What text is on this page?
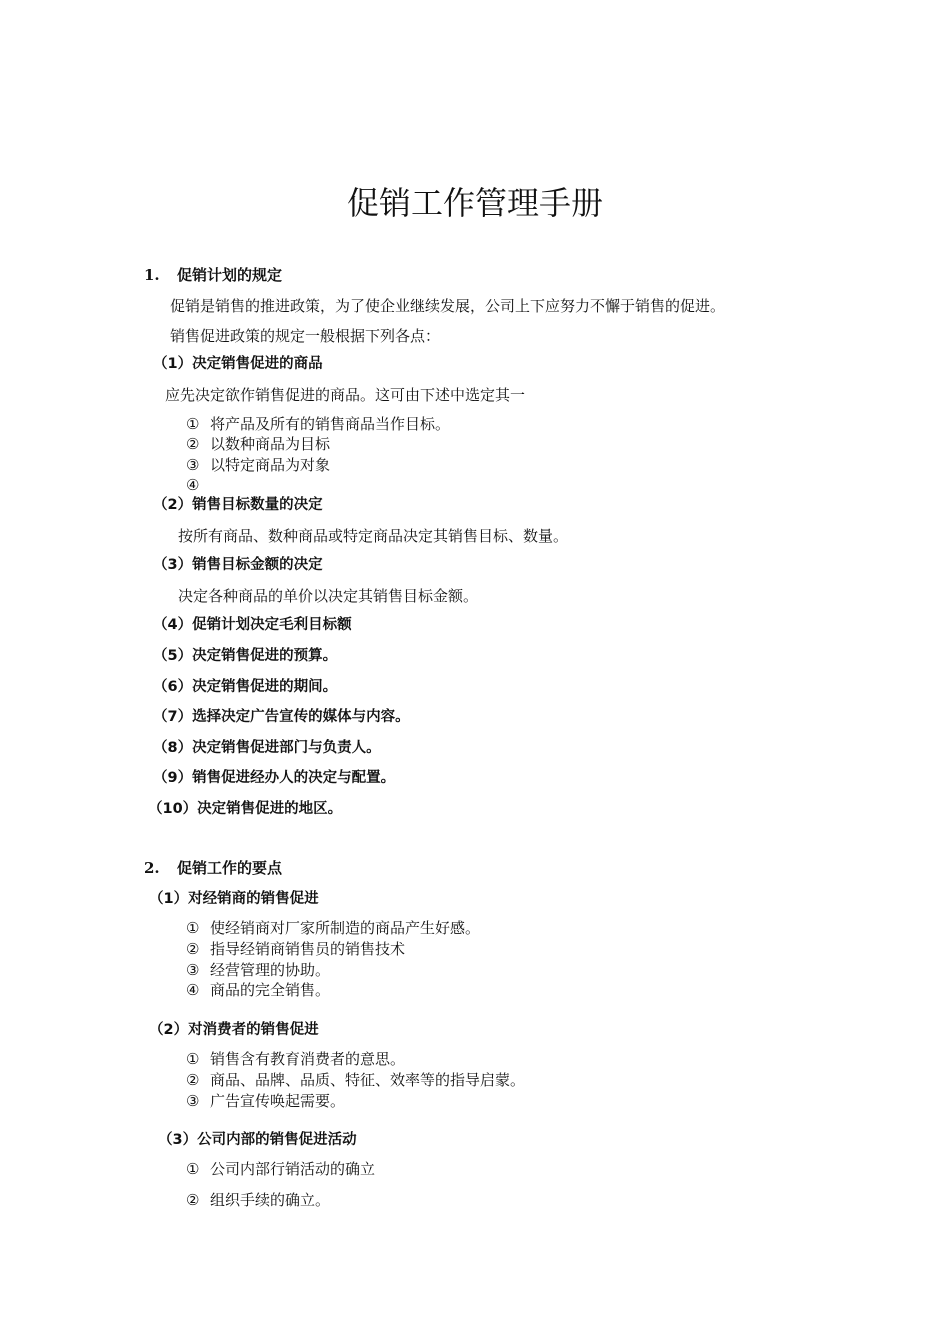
促销工作管理手册
1. 促销计划的规定
促销是销售的推进政策，为了使企业继续发展，公司上下应努力不懈于销售的促进。
销售促进政策的规定一般根据下列各点：
（1）决定销售促进的商品
应先决定欲作销售促进的商品。这可由下述中选定其一
① 将产品及所有的销售商品当作目标。
② 以数种商品为目标
③ 以特定商品为对象
④
（2）销售目标数量的决定
按所有商品、数种商品或特定商品决定其销售目标、数量。
（3）销售目标金额的决定
决定各种商品的单价以决定其销售目标金额。
（4）促销计划决定毛利目标额
（5）决定销售促进的预算。
（6）决定销售促进的期间。
（7）选择决定广告宣传的媒体与内容。
（8）决定销售促进部门与负责人。
（9）销售促进经办人的决定与配置。
（10）决定销售促进的地区。
2. 促销工作的要点
（1）对经销商的销售促进
① 使经销商对厂家所制造的商品产生好感。
② 指导经销商销售员的销售技术
③ 经营管理的协助。
④ 商品的完全销售。
（2）对消费者的销售促进
① 销售含有教育消费者的意思。
② 商品、品牌、品质、特征、效率等的指导启蒙。
③ 广告宣传唤起需要。
（3）公司内部的销售促进活动
① 公司内部行销活动的确立
② 组织手续的确立。
